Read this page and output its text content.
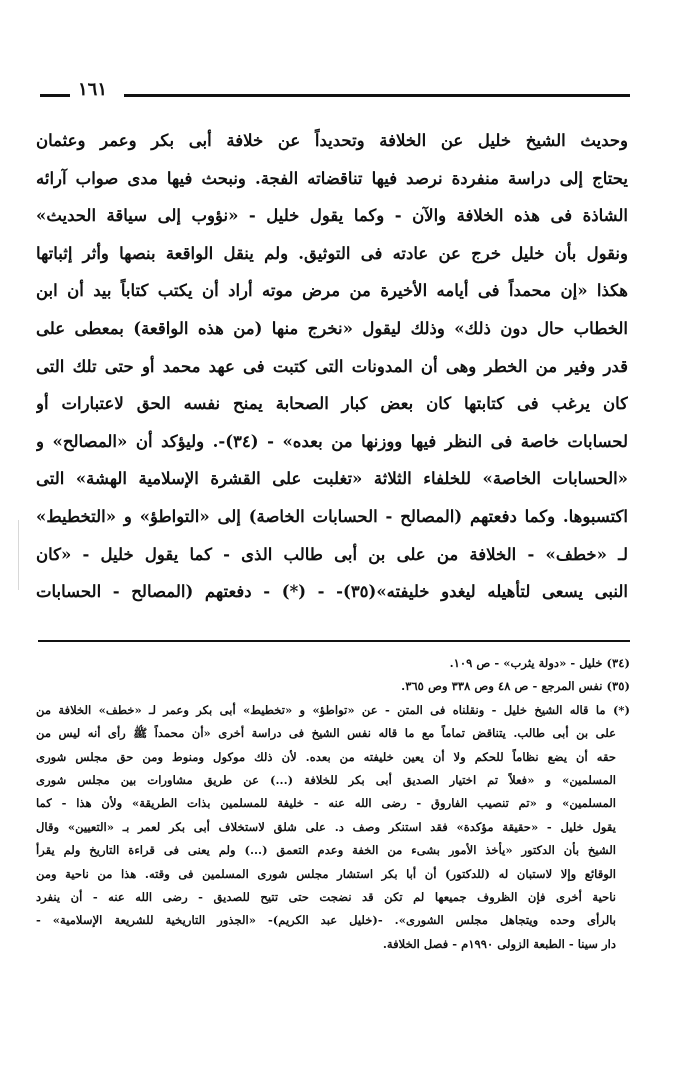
١٦١
وحديث الشيخ خليل عن الخلافة وتحديداً عن خلافة أبى بكر وعمر وعثمان
يحتاج إلى دراسة منفردة نرصد فيها تناقضاته الفجة. ونبحث فيها مدى صواب آرائه
الشاذة فى هذه الخلافة والآن - وكما يقول خليل - «نؤوب إلى سياقة الحديث»
ونقول بأن خليل خرج عن عادته فى التوثيق. ولم ينقل الواقعة بنصها وأثر إثباتها
هكذا «إن محمداً فى أيامه الأخيرة من مرض موته أراد أن يكتب كتاباً بيد أن ابن
الخطاب حال دون ذلك» وذلك ليقول «نخرج منها (من هذه الواقعة) بمعطى على
قدر وفير من الخطر وهى أن المدونات التى كتبت فى عهد محمد أو حتى تلك التى
كان يرغب فى كتابتها كان بعض كبار الصحابة يمنح نفسه الحق لاعتبارات أو
لحسابات خاصة فى النظر فيها ووزنها من بعده» - (٣٤)-. وليؤكد أن «المصالح» و
«الحسابات الخاصة» للخلفاء الثلاثة «تغلبت على القشرة الإسلامية الهشة» التى
اكتسبوها. وكما دفعتهم (المصالح - الحسابات الخاصة) إلى «التواطؤ» و «التخطيط»
لـ «خطف» - الخلافة من على بن أبى طالب الذى - كما يقول خليل - «كان
النبى يسعى لتأهيله ليغدو خليفته»(٣٥)- - (*) - دفعتهم (المصالح - الحسابات
(٣٤) خليل - «دولة يثرب» - ص ١٠٩.
(٣٥) نفس المرجع - ص ٤٨ وص ٣٣٨ وص ٣٦٥.
(*) ما قاله الشيخ خليل - ونقلناه فى المتن - عن «تواطؤ» و «تخطيط» أبى بكر وعمر لـ «خطف» الخلافة من
على بن أبى طالب. يتناقض تماماً مع ما قاله نفس الشيخ فى دراسة أخرى «أن محمداً ﷺ رأى أنه ليس من
حقه أن يضع نظاماً للحكم ولا أن يعين خليفته من بعده. لأن ذلك موكول ومنوط ومن حق مجلس شورى
المسلمين» و «فعلاً تم اختيار الصديق أبى بكر للخلافة (...) عن طريق مشاورات بين مجلس شورى
المسلمين» و «تم تنصيب الفاروق - رضى الله عنه - خليفة للمسلمين بذات الطريقة» ولأن هذا - كما
يقول خليل - «حقيقة مؤكدة» فقد استنكر وصف د. على شلق لاستخلاف أبى بكر لعمر بـ «التعيين» وقال
الشيخ بأن الدكتور «يأخذ الأمور بشىء من الخفة وعدم التعمق (...) ولم يعنى فى قراءة التاريخ ولم يقرأ
الوقائع وإلا لاستبان له (للدكتور) أن أبا بكر استشار مجلس شورى المسلمين فى وقته. هذا من ناحية ومن
ناحية أخرى فإن الظروف جميعها لم تكن قد نضجت حتى تتيح للصديق - رضى الله عنه - أن ينفرد
بالرأى وحده ويتجاهل مجلس الشورى». -(خليل عبد الكريم)- «الجذور التاريخية للشريعة الإسلامية» -
دار سينا - الطبعة الزولى ١٩٩٠م - فصل الخلافة.
